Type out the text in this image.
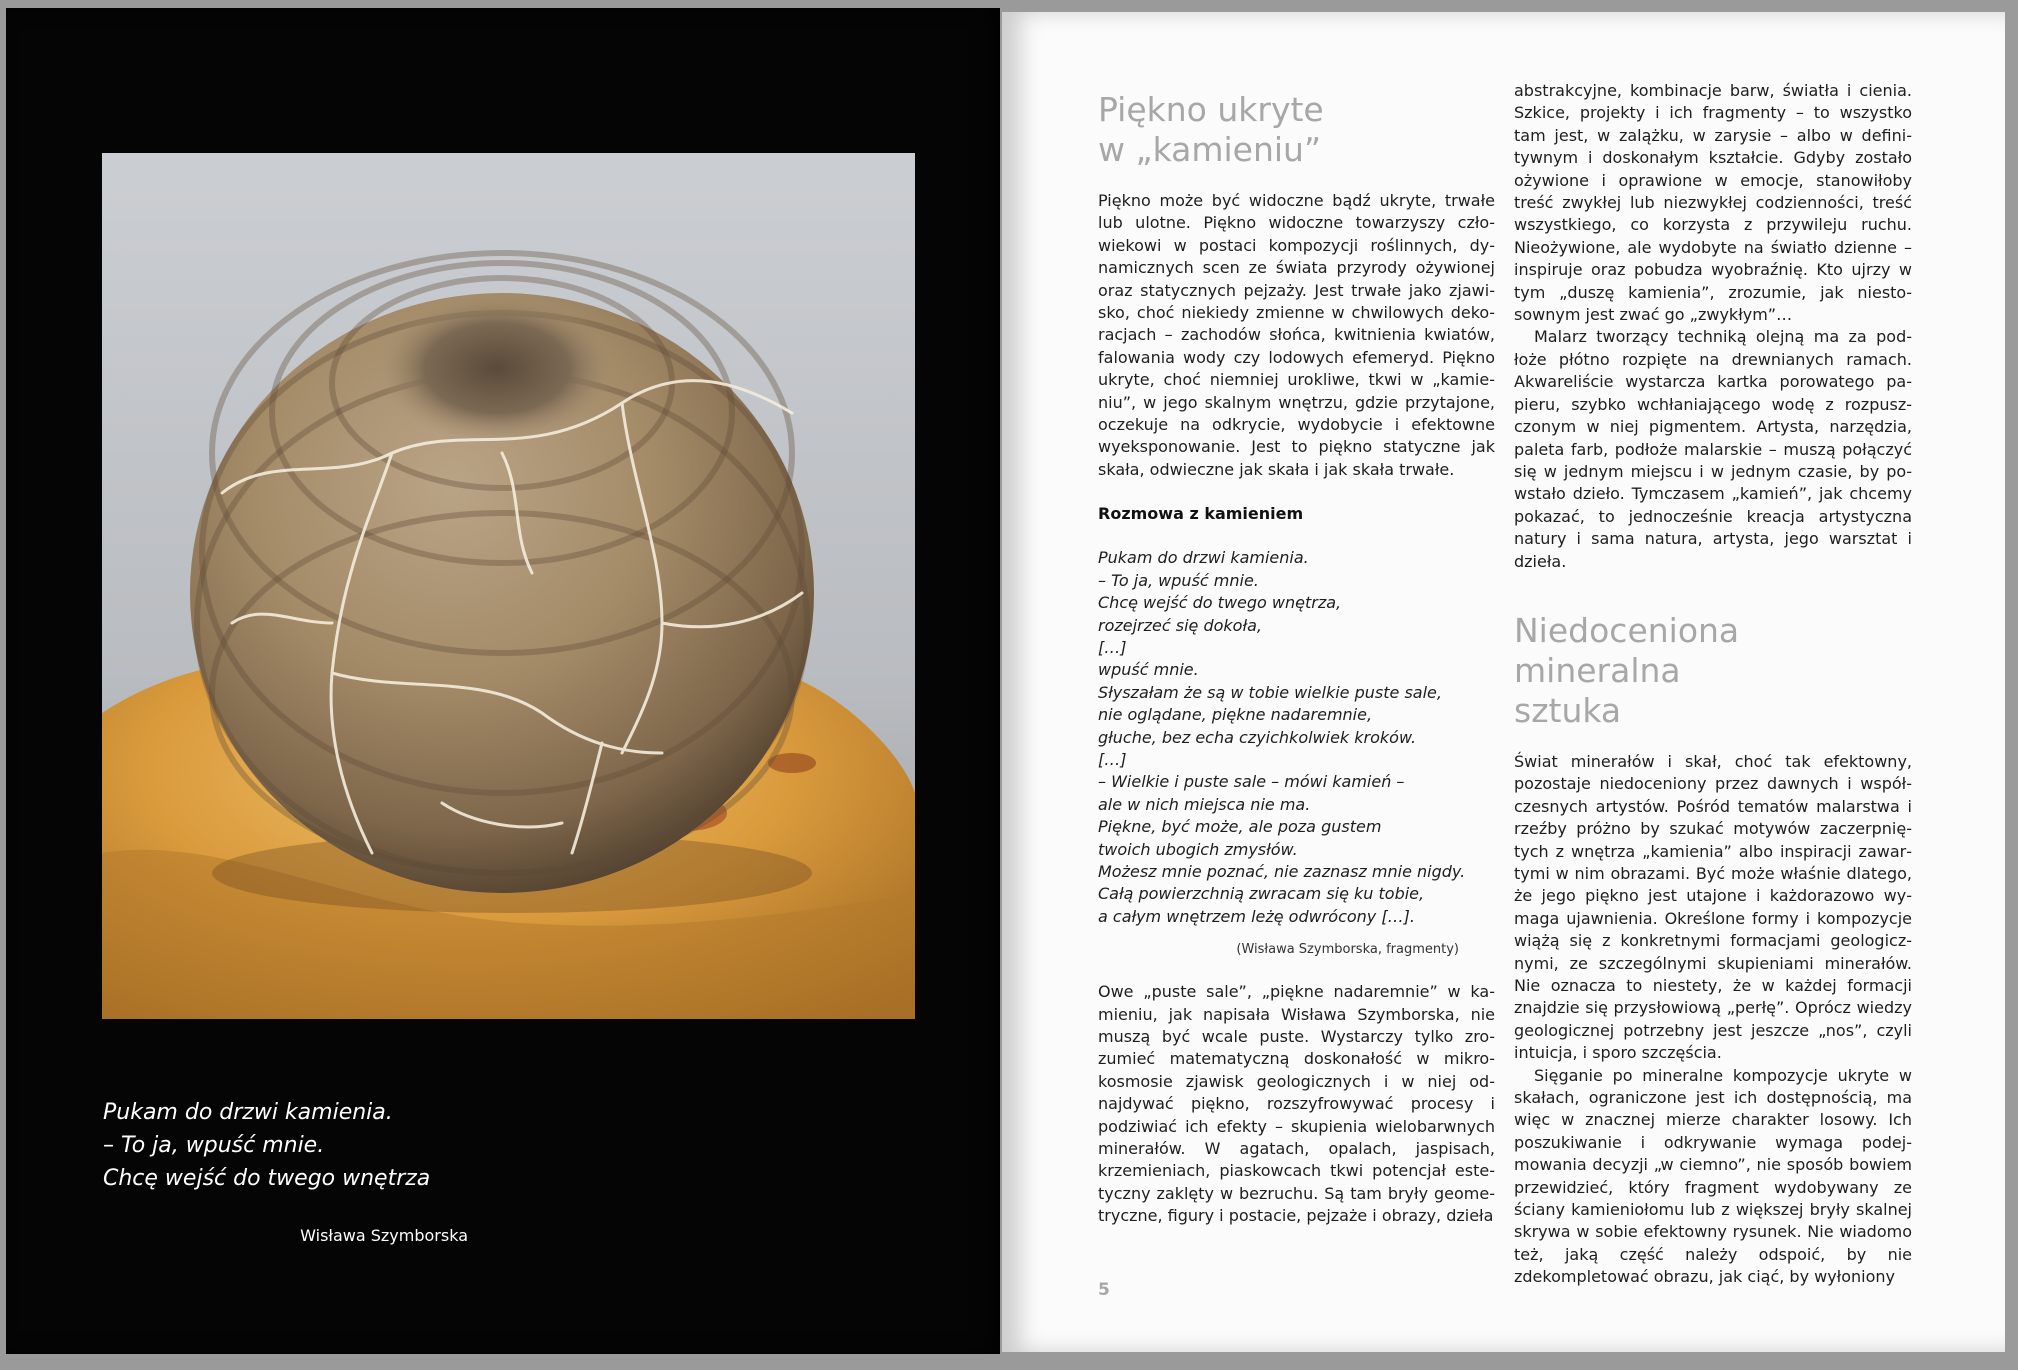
Pukam do drzwi kamienia.
– To ja, wpuść mnie.
Chcę wejść do twego wnętrza
Wisława Szymborska
Piękno ukryte
w „kamieniu”

Piękno może być widoczne bądź ukryte, trwałe lub ulotne. Piękno widoczne towarzyszy człowiekowi w postaci kompozycji roślinnych, dynamicznych scen ze świata przyrody ożywionej oraz statycznych pejzaży. Jest trwałe jako zjawisko, choć niekiedy zmienne w chwilowych dekoracjach – zachodów słońca, kwitnienia kwiatów, falowania wody czy lodowych efemeryd. Piękno ukryte, choć niemniej urokliwe, tkwi w „kamieniu”, w jego skalnym wnętrzu, gdzie przytajone, oczekuje na odkrycie, wydobycie i efektowne wyeksponowanie. Jest to piękno statyczne jak skała, odwieczne jak skała i jak skała trwałe.

Rozmowa z kamieniem
Pukam do drzwi kamienia.
– To ja, wpuść mnie.
Chcę wejść do twego wnętrza,
rozejrzeć się dokoła,
[…]
wpuść mnie.
Słyszałam że są w tobie wielkie puste sale,
nie oglądane, piękne nadaremnie,
głuche, bez echa czyichkolwiek kroków.
[…]
– Wielkie i puste sale – mówi kamień –
ale w nich miejsca nie ma.
Piękne, być może, ale poza gustem
twoich ubogich zmysłów.
Możesz mnie poznać, nie zaznasz mnie nigdy.
Całą powierzchnią zwracam się ku tobie,
a całym wnętrzem leżę odwrócony […].
(Wisława Szymborska, fragmenty)

Owe „puste sale”, „piękne nadaremnie” w kamieniu, jak napisała Wisława Szymborska, nie muszą być wcale puste. Wystarczy tylko zrozumieć matematyczną doskonałość w mikrokosmosie zjawisk geologicznych i w niej odnajdywać piękno, rozszyfrowywać procesy i podziwiać ich efekty – skupienia wielobarwnych minerałów. W agatach, opalach, jaspisach, krzemieniach, piaskowcach tkwi potencjał estetyczny zaklęty w bezruchu. Są tam bryły geometryczne, figury i postacie, pejzaże i obrazy, dzieła

abstrakcyjne, kombinacje barw, światła i cienia. Szkice, projekty i ich fragmenty – to wszystko tam jest, w zalążku, w zarysie – albo w definitywnym i doskonałym kształcie. Gdyby zostało ożywione i oprawione w emocje, stanowiłoby treść zwykłej lub niezwykłej codzienności, treść wszystkiego, co korzysta z przywileju ruchu. Nieożywione, ale wydobyte na światło dzienne – inspiruje oraz pobudza wyobraźnię. Kto ujrzy w tym „duszę kamienia”, zrozumie, jak niestosownym jest zwać go „zwykłym”…

Malarz tworzący techniką olejną ma za podłoże płótno rozpięte na drewnianych ramach. Akwareliście wystarcza kartka porowatego papieru, szybko wchłaniającego wodę z rozpuszczonym w niej pigmentem. Artysta, narzędzia, paleta farb, podłoże malarskie – muszą połączyć się w jednym miejscu i w jednym czasie, by powstało dzieło. Tymczasem „kamień”, jak chcemy pokazać, to jednocześnie kreacja artystyczna natury i sama natura, artysta, jego warsztat i dzieła.

Niedoceniona mineralna
sztuka

Świat minerałów i skał, choć tak efektowny, pozostaje niedoceniony przez dawnych i współczesnych artystów. Pośród tematów malarstwa i rzeźby próżno by szukać motywów zaczerpniętych z wnętrza „kamienia” albo inspiracji zawartymi w nim obrazami. Być może właśnie dlatego, że jego piękno jest utajone i każdorazowo wymaga ujawnienia. Określone formy i kompozycje wiążą się z konkretnymi formacjami geologicznymi, ze szczególnymi skupieniami minerałów. Nie oznacza to niestety, że w każdej formacji znajdzie się przysłowiową „perłę”. Oprócz wiedzy geologicznej potrzebny jest jeszcze „nos”, czyli intuicja, i sporo szczęścia.

Sięganie po mineralne kompozycje ukryte w skałach, ograniczone jest ich dostępnością, ma więc w znacznej mierze charakter losowy. Ich poszukiwanie i odkrywanie wymaga podejmowania decyzji „w ciemno”, nie sposób bowiem przewidzieć, który fragment wydobywany ze ściany kamieniołomu lub z większej bryły skalnej skrywa w sobie efektowny rysunek. Nie wiadomo też, jaką część należy odspoić, by nie zdekompletować obrazu, jak ciąć, by wyłoniony

5
